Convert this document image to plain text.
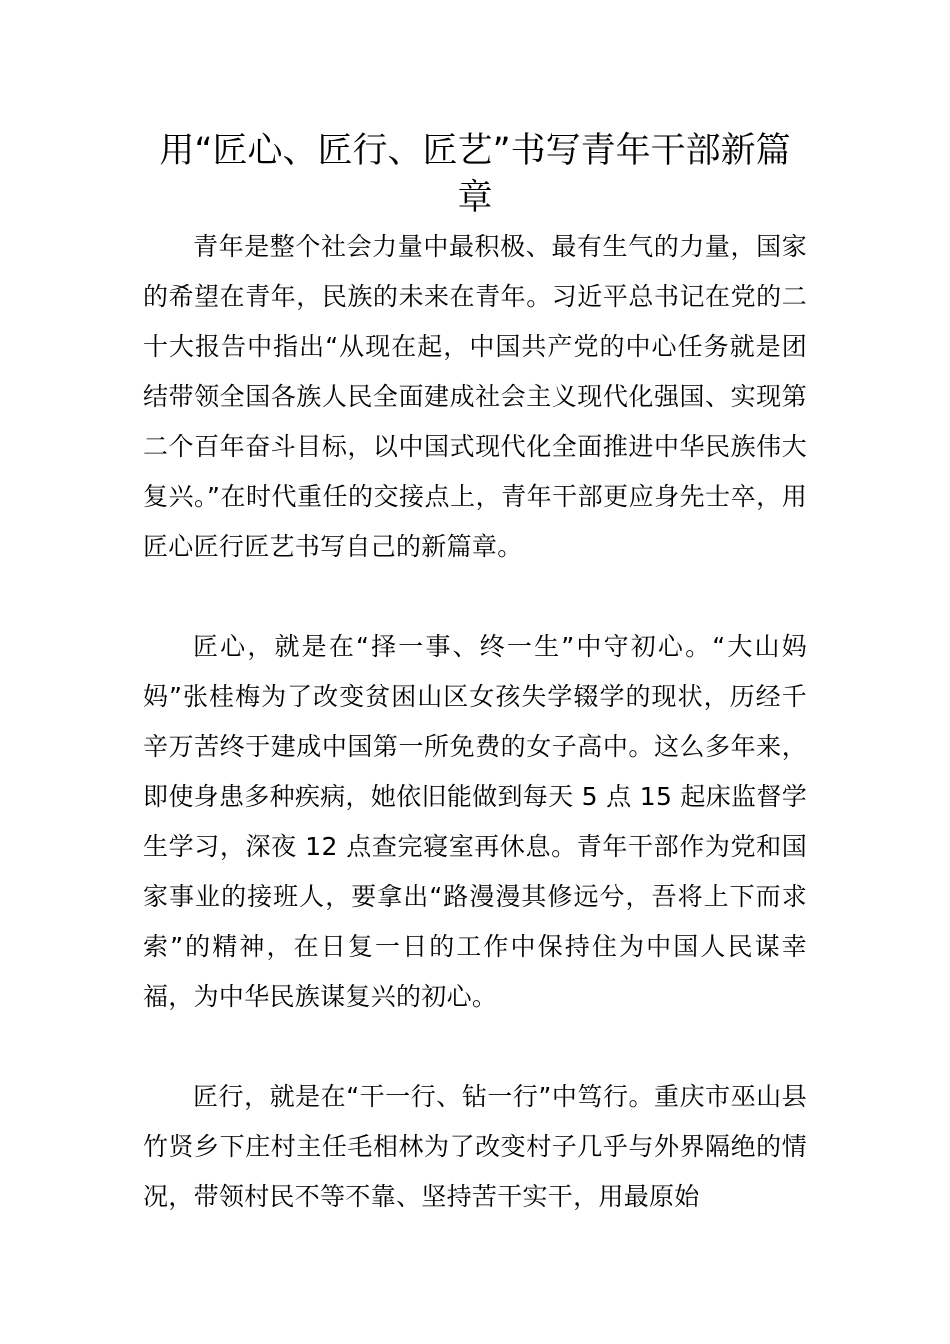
用“匠心、匠行、匠艺”书写青年干部新篇章

青年是整个社会力量中最积极、最有生气的力量，国家的希望在青年，民族的未来在青年。习近平总书记在党的二十大报告中指出“从现在起，中国共产党的中心任务就是团结带领全国各族人民全面建成社会主义现代化强国、实现第二个百年奋斗目标，以中国式现代化全面推进中华民族伟大复兴。”在时代重任的交接点上，青年干部更应身先士卒，用匠心匠行匠艺书写自己的新篇章。

匠心，就是在“择一事、终一生”中守初心。“大山妈妈”张桂梅为了改变贫困山区女孩失学辍学的现状，历经千辛万苦终于建成中国第一所免费的女子高中。这么多年来，即使身患多种疾病，她依旧能做到每天 5 点 15 起床监督学生学习，深夜 12 点查完寝室再休息。青年干部作为党和国家事业的接班人，要拿出“路漫漫其修远兮，吾将上下而求索”的精神，在日复一日的工作中保持住为中国人民谋幸福，为中华民族谋复兴的初心。

匠行，就是在“干一行、钻一行”中笃行。重庆市巫山县竹贤乡下庄村主任毛相林为了改变村子几乎与外界隔绝的情况，带领村民不等不靠、坚持苦干实干，用最原始
